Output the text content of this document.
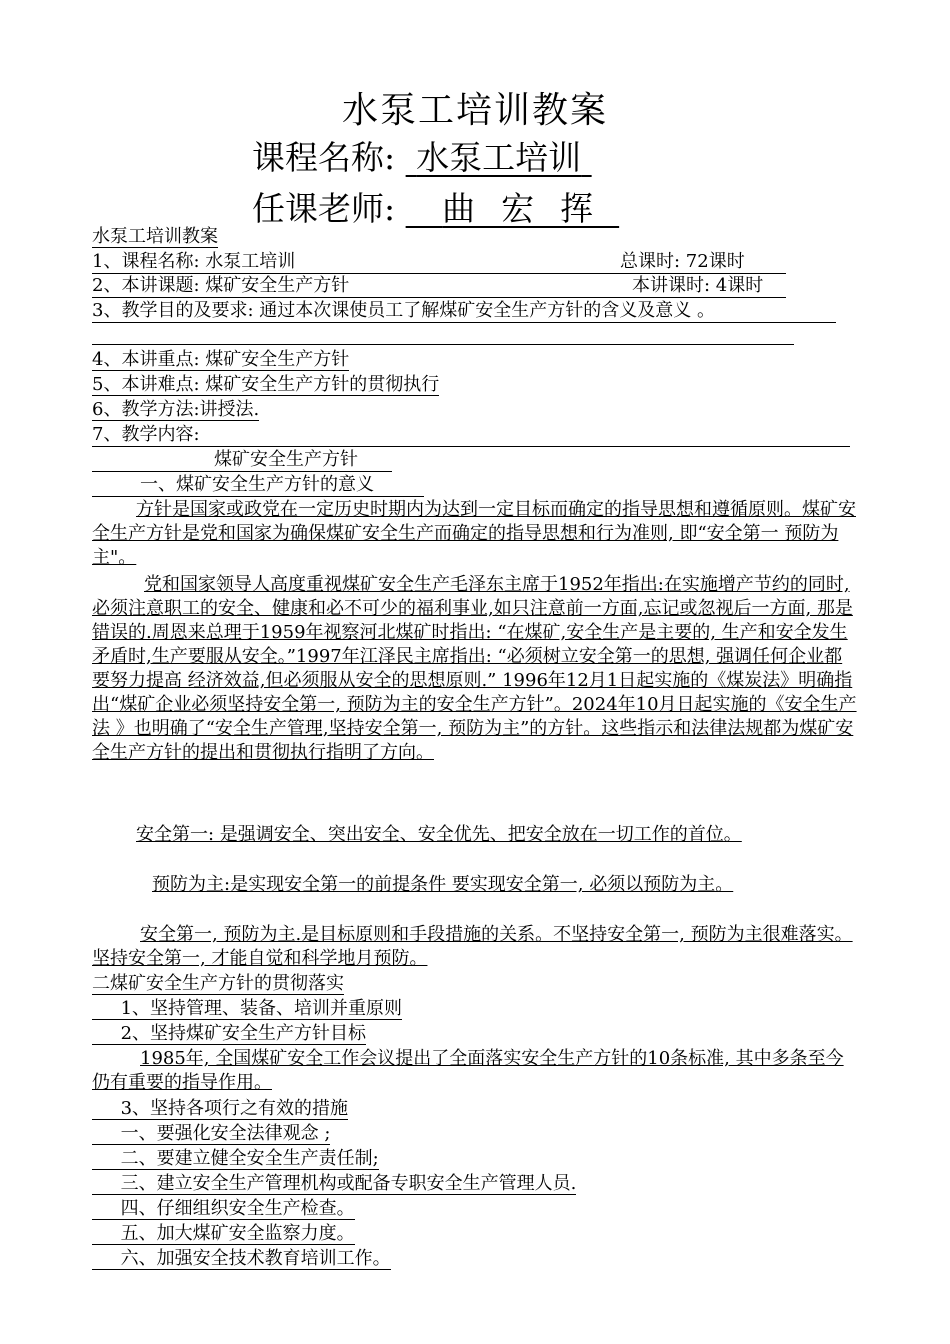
水泵工培训教案
课程名称: 水泵工培训
任课老师: 曲宏挥
水泵工培训教案
1、课程名称: 水泵工培训	总课时: 72课时
2、本讲课题: 煤矿安全生产方针	本讲课时: 4课时
3、教学目的及要求: 通过本次课使员工了解煤矿安全生产方针的含义及意义 。
4、本讲重点: 煤矿安全生产方针
5、本讲难点: 煤矿安全生产方针的贯彻执行
6、教学方法:讲授法.
7、教学内容:
煤矿安全生产方针
一、煤矿安全生产方针的意义
方针是国家或政党在一定历史时期内为达到一定目标而确定的指导思想和遵循原则。煤矿安全生产方针是党和国家为确保煤矿安全生产而确定的指导思想和行为准则, 即“安全第一 预防为主"。
党和国家领导人高度重视煤矿安全生产毛泽东主席于1952年指出:在实施增产节约的同时, 必须注意职工的安全、健康和必不可少的福利事业,如只注意前一方面,忘记或忽视后一方面, 那是错误的.周恩来总理于1959年视察河北煤矿时指出: “在煤矿,安全生产是主要的, 生产和安全发生矛盾时,生产要服从安全。”1997年江泽民主席指出: “必须树立安全第一的思想, 强调任何企业都要努力提高 经济效益,但必须服从安全的思想原则.” 1996年12月1日起实施的《煤炭法》明确指出“煤矿企业必须坚持安全第一, 预防为主的安全生产方针”。2024年10月日起实施的《安全生产法 》也明确了“安全生产管理,坚持安全第一, 预防为主”的方针。这些指示和法律法规都为煤矿安全生产方针的提出和贯彻执行指明了方向。
安全第一: 是强调安全、突出安全、安全优先、把安全放在一切工作的首位。
预防为主:是实现安全第一的前提条件 要实现安全第一, 必须以预防为主。
安全第一, 预防为主.是目标原则和手段措施的关系。不坚持安全第一, 预防为主很难落实。坚持安全第一, 才能自觉和科学地月预防。
二煤矿安全生产方针的贯彻落实
1、坚持管理、装备、培训并重原则
2、坚持煤矿安全生产方针目标
1985年, 全国煤矿安全工作会议提出了全面落实安全生产方针的10条标准, 其中多条至今仍有重要的指导作用。
3、坚持各项行之有效的措施
一、要强化安全法律观念 ;
二、要建立健全安全生产责任制;
三、建立安全生产管理机构或配备专职安全生产管理人员.
四、仔细组织安全生产检查。
五、加大煤矿安全监察力度。
六、加强安全技术教育培训工作。
